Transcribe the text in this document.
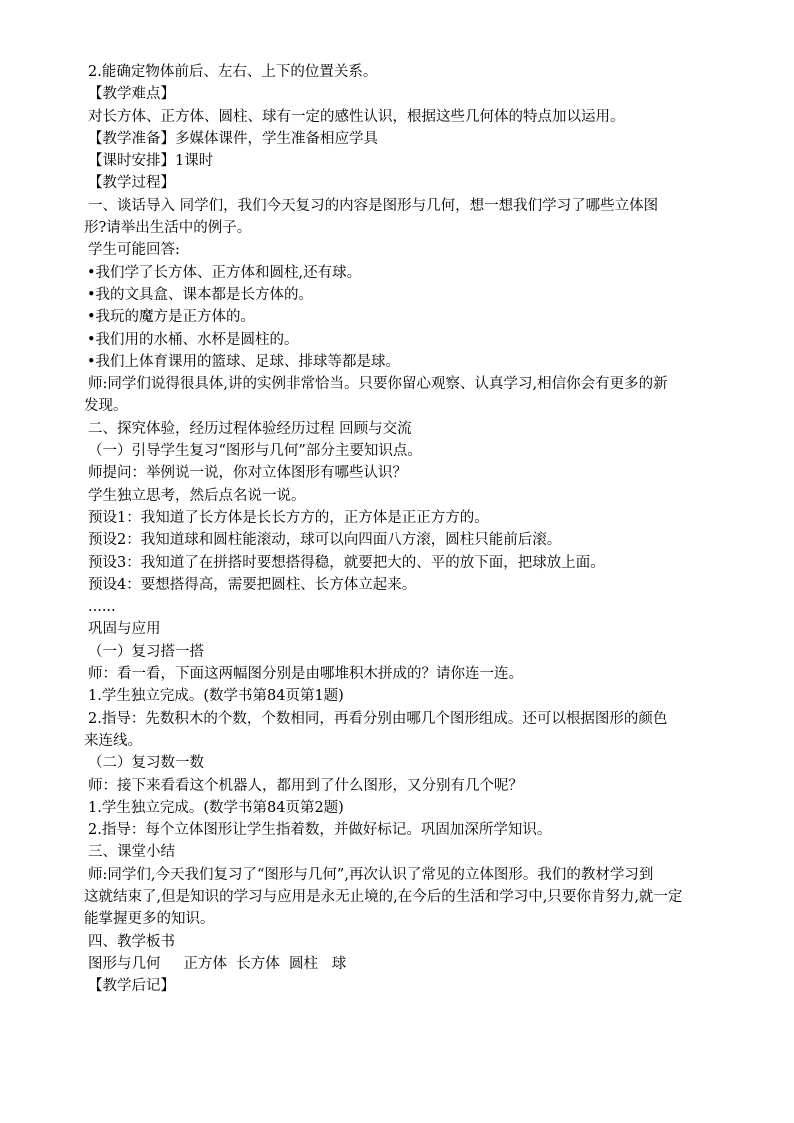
2.能确定物体前后、左右、上下的位置关系。
【教学难点】
对长方体、正方体、圆柱、球有一定的感性认识，根据这些几何体的特点加以运用。
【教学准备】多媒体课件，学生准备相应学具
【课时安排】1课时
【教学过程】
一、谈话导入 同学们，我们今天复习的内容是图形与几何，想一想我们学习了哪些立体图
形?请举出生活中的例子。
学生可能回答:
•我们学了长方体、正方体和圆柱,还有球。
•我的文具盒、课本都是长方体的。
•我玩的魔方是正方体的。
•我们用的水桶、水杯是圆柱的。
•我们上体育课用的篮球、足球、排球等都是球。
师:同学们说得很具体,讲的实例非常恰当。只要你留心观察、认真学习,相信你会有更多的新
发现。
二、探究体验，经历过程体验经历过程 回顾与交流
（一）引导学生复习“图形与几何”部分主要知识点。
师提问：举例说一说，你对立体图形有哪些认识？
学生独立思考，然后点名说一说。
预设1：我知道了长方体是长长方方的，正方体是正正方方的。
预设2：我知道球和圆柱能滚动，球可以向四面八方滚，圆柱只能前后滚。
预设3：我知道了在拼搭时要想搭得稳，就要把大的、平的放下面，把球放上面。
预设4：要想搭得高，需要把圆柱、长方体立起来。
......
巩固与应用
（一）复习搭一搭
师：看一看，下面这两幅图分别是由哪堆积木拼成的？请你连一连。
1.学生独立完成。(数学书第84页第1题)
2.指导：先数积木的个数，个数相同，再看分别由哪几个图形组成。还可以根据图形的颜色
来连线。
（二）复习数一数
师：接下来看看这个机器人，都用到了什么图形，又分别有几个呢？
1.学生独立完成。(数学书第84页第2题)
2.指导：每个立体图形让学生指着数，并做好标记。巩固加深所学知识。
三、课堂小结
师:同学们,今天我们复习了“图形与几何”,再次认识了常见的立体图形。我们的教材学习到
这就结束了,但是知识的学习与应用是永无止境的,在今后的生活和学习中,只要你肯努力,就一定
能掌握更多的知识。
四、教学板书
图形与几何     正方体  长方体  圆柱   球
【教学后记】
